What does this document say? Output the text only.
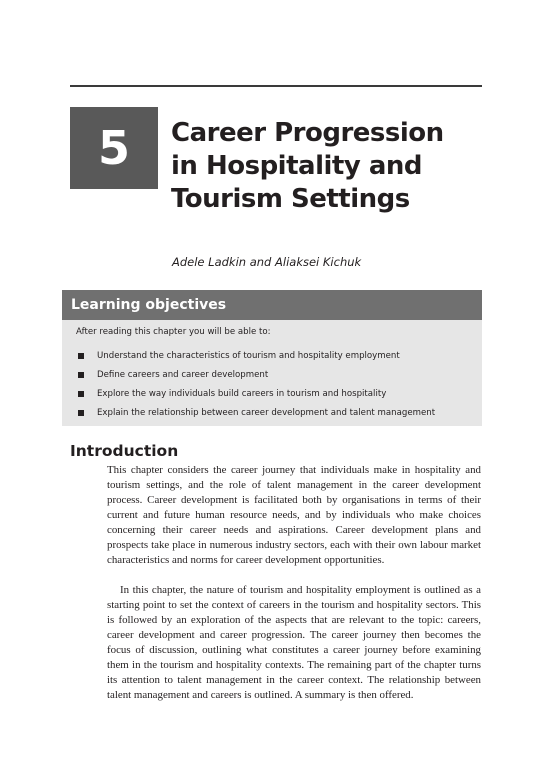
5 Career Progression
in Hospitality and
Tourism Settings
Adele Ladkin and Aliaksei Kichuk
Learning objectives
After reading this chapter you will be able to:
Understand the characteristics of tourism and hospitality employment
Define careers and career development
Explore the way individuals build careers in tourism and hospitality
Explain the relationship between career development and talent management
Introduction

This chapter considers the career journey that individuals make in hospitality and tourism settings, and the role of talent management in the career development process. Career development is facilitated both by organisations in terms of their current and future human resource needs, and by individuals who make choices concerning their career needs and aspirations. Career development plans and prospects take place in numerous industry sectors, each with their own labour market characteristics and norms for career development opportunities.

In this chapter, the nature of tourism and hospitality employment is outlined as a starting point to set the context of careers in the tourism and hospitality sectors. This is followed by an exploration of the aspects that are relevant to the topic: careers, career development and career progression. The career journey then becomes the focus of discussion, outlining what constitutes a career journey before examining them in the tourism and hospitality contexts. The remaining part of the chapter turns its attention to talent management in the career context. The relationship between talent management and careers is outlined. A summary is then offered.
